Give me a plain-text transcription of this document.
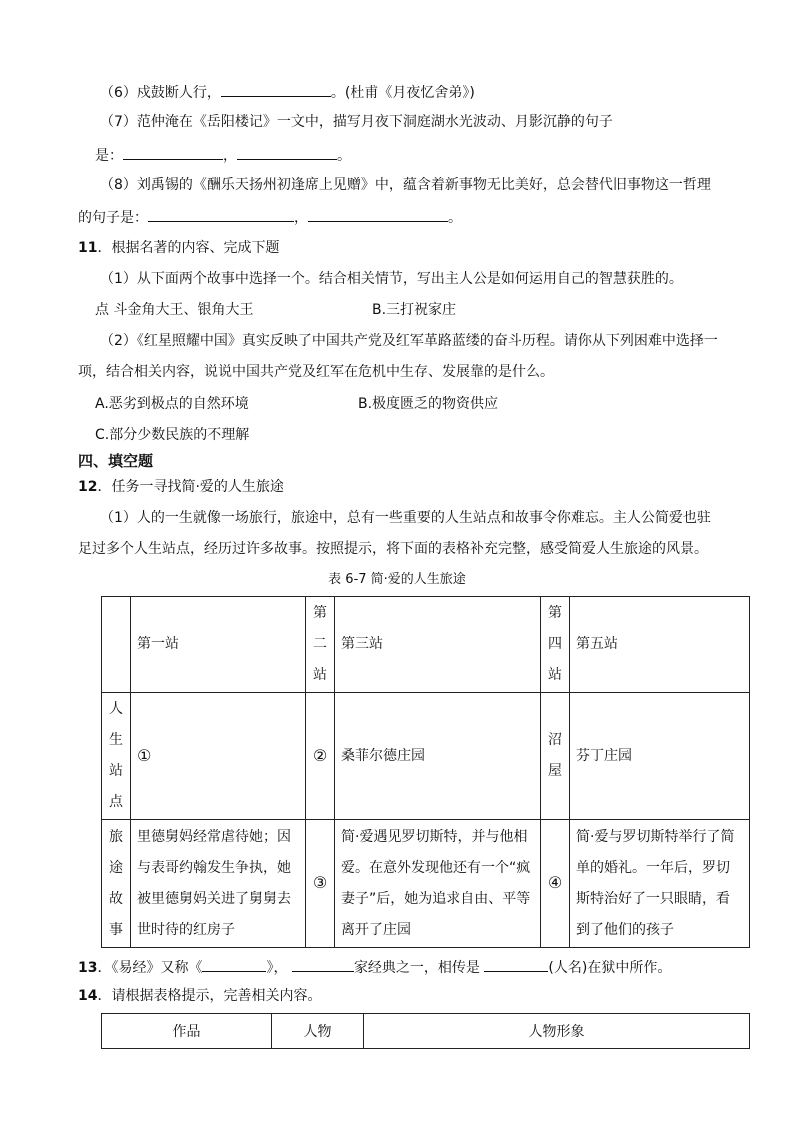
（6）戍鼓断人行，	。(杜甫《月夜忆舍弟》)
（7）范仲淹在《岳阳楼记》一文中，描写月夜下洞庭湖水光波动、月影沉静的句子
是：	，	。
（8）刘禹锡的《酬乐天扬州初逢席上见赠》中，蕴含着新事物无比美好，总会替代旧事物这一哲理
的句子是：	，	。
11．根据名著的内容、完成下题
（1）从下面两个故事中选择一个。结合相关情节，写出主人公是如何运用自己的智慧获胜的。
点 斗金角大王、银角大王	B.三打祝家庄
（2）《红星照耀中国》真实反映了中国共产党及红军革路蓝缕的奋斗历程。请你从下列困难中选择一
项，结合相关内容，说说中国共产党及红军在危机中生存、发展靠的是什么。
A.恶劣到极点的自然环境	B.极度匮乏的物资供应
C.部分少数民族的不理解
四、填空题
12．任务一寻找简·爱的人生旅途
（1）人的一生就像一场旅行，旅途中，总有一些重要的人生站点和故事令你难忘。主人公简爱也驻
足过多个人生站点，经历过许多故事。按照提示，将下面的表格补充完整，感受简爱人生旅途的风景。
表 6-7 简·爱的人生旅途
	第一站	第二站	第三站	第四站	第五站
人生站点	①	②	桑菲尔德庄园	沼屋	芬丁庄园
旅途故事	里德舅妈经常虐待她；因与表哥约翰发生争执，她被里德舅妈关进了舅舅去世时待的红房子	③	简·爱遇见罗切斯特，并与他相爱。在意外发现他还有一个“疯妻子”后，她为追求自由、平等离开了庄园	④	简·爱与罗切斯特举行了简单的婚礼。一年后，罗切斯特治好了一只眼睛，看到了他们的孩子
13．《易经》又称《	》，	家经典之一，相传是	(人名)在狱中所作。
14．请根据表格提示，完善相关内容。
作品	人物	人物形象
